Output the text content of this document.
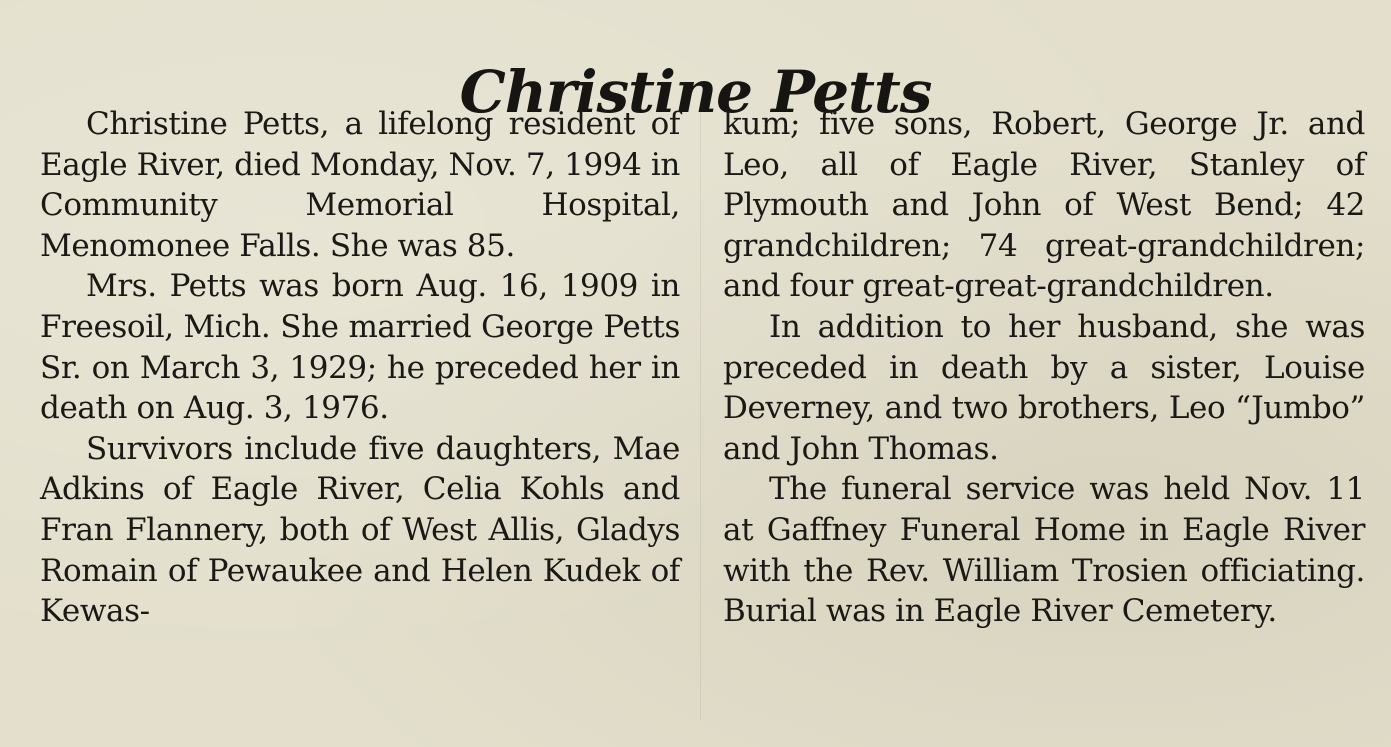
Christine Petts

Christine Petts, a lifelong resident of Eagle River, died Monday, Nov. 7, 1994 in Community Memorial Hospital, Menomonee Falls. She was 85.

Mrs. Petts was born Aug. 16, 1909 in Freesoil, Mich. She married George Petts Sr. on March 3, 1929; he preceded her in death on Aug. 3, 1976.

Survivors include five daughters, Mae Adkins of Eagle River, Celia Kohls and Fran Flannery, both of West Allis, Gladys Romain of Pewaukee and Helen Kudek of Kewas-

kum; five sons, Robert, George Jr. and Leo, all of Eagle River, Stanley of Plymouth and John of West Bend; 42 grandchildren; 74 great-grandchildren; and four great-great-grandchildren.

In addition to her husband, she was preceded in death by a sister, Louise Deverney, and two brothers, Leo “Jumbo” and John Thomas.

The funeral service was held Nov. 11 at Gaffney Funeral Home in Eagle River with the Rev. William Trosien officiating. Burial was in Eagle River Cemetery.
